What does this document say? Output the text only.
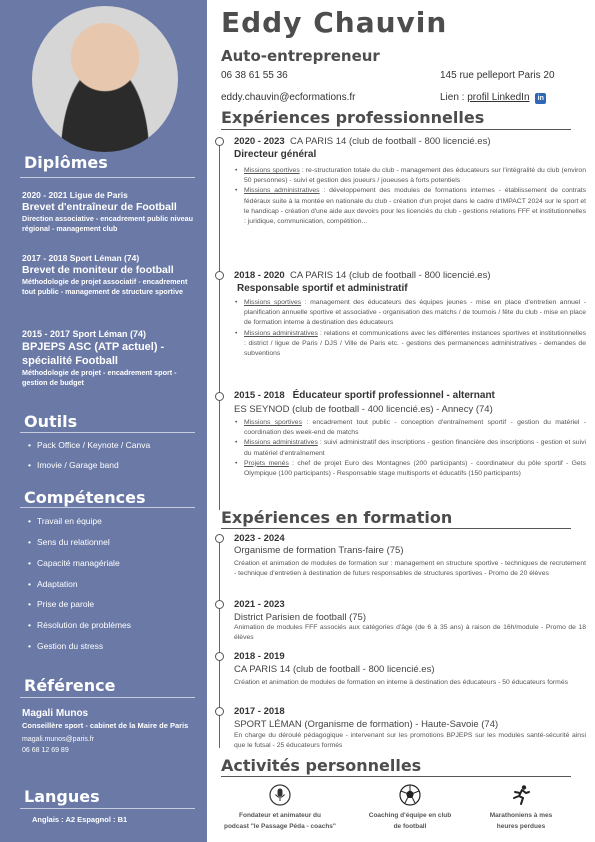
Diplômes
2020 - 2021 Ligue de Paris
Brevet d'entraîneur de Football
Direction associative - encadrement public niveau régional - management club
2017 - 2018 Sport Léman (74)
Brevet de moniteur de football
Méthodologie de projet associatif - encadrement tout public - management de structure sportive
2015 - 2017 Sport Léman (74)
BPJEPS ASC (ATP actuel) - spécialité Football
Méthodologie de projet - encadrement sport - gestion de budget
Outils
• Pack Office / Keynote / Canva
• Imovie / Garage band
Compétences
• Travail en équipe
• Sens du relationnel
• Capacité managériale
• Adaptation
• Prise de parole
• Résolution de problèmes
• Gestion du stress
Référence
Magali Munos
Conseillère sport - cabinet de la Maire de Paris
magali.munos@paris.fr
06 68 12 69 89
Langues
Anglais : A2 Espagnol : B1
Eddy Chauvin
Auto-entrepreneur
06 38 61 55 36	145 rue pelleport Paris 20
eddy.chauvin@ecformations.fr	Lien : profil LinkedIn in
Expériences professionnelles
2020 - 2023 CA PARIS 14 (club de football - 800 licencié.es)
Directeur général
• Missions sportives : re-structuration totale du club - management des éducateurs sur l'intégralité du club (environ 50 personnes) - suivi et gestion des joueurs / joueuses à forts potentiels
• Missions administratives : développement des modules de formations internes - établissement de contrats fédéraux suite à la montée en nationale du club - création d'un projet dans le cadre d'IMPACT 2024 sur le sport et le handicap - création d'une aide aux devoirs pour les licenciés du club - gestions relations FFF et institutionnelles : juridique, communication, compétition...
2018 - 2020 CA PARIS 14 (club de football - 800 licencié.es)
Responsable sportif et administratif
• Missions sportives : management des éducateurs des équipes jeunes - mise en place d'entretien annuel - planification annuelle sportive et associative - organisation des matchs / de tournois / fête du club - mise en place de formation interne à destination des éducateurs
• Missions administratives : relations et communications avec les différentes instances sportives et institutionnelles : district / ligue de Paris / DJS / Ville de Paris etc. - gestions des permanences administratives - demandes de subventions
2015 - 2018 Éducateur sportif professionnel - alternant
ES SEYNOD (club de football - 400 licencié.es) - Annecy (74)
• Missions sportives : encadrement tout public - conception d'entraînement sportif - gestion du matériel - coordination des week-end de matchs
• Missions administratives : suivi administratif des inscriptions - gestion financière des inscriptions - gestion et suivi du matériel d'entraînement
• Projets menés : chef de projet Euro des Montagnes (200 participants) - coordinateur du pôle sportif - Gets Olympique (100 participants) - Responsable stage multisports et éducatifs (150 participants)
Expériences en formation
2023 - 2024
Organisme de formation Trans-faire (75)
Création et animation de modules de formation sur : management en structure sportive - techniques de recrutement - technique d'entretien à destination de futurs responsables de structures sportives - Promo de 20 élèves
2021 - 2023
District Parisien de football (75)
Animation de modules FFF associés aux catégories d'âge (de 6 à 35 ans) à raison de 16h/module - Promo de 18 élèves
2018 - 2019
CA PARIS 14 (club de football - 800 licencié.es)
Création et animation de modules de formation en interne à destination des éducateurs - 50 éducateurs formés
2017 - 2018
SPORT LÉMAN (Organisme de formation) - Haute-Savoie (74)
En charge du déroulé pédagogique - intervenant sur les promotions BPJEPS sur les modules santé-sécurité ainsi que le futsal - 25 éducateurs formés
Activités personnelles
Fondateur et animateur du
podcast "le Passage Péda - coachs"
Coaching d'équipe en club
de football
Marathoniens à mes
heures perdues
